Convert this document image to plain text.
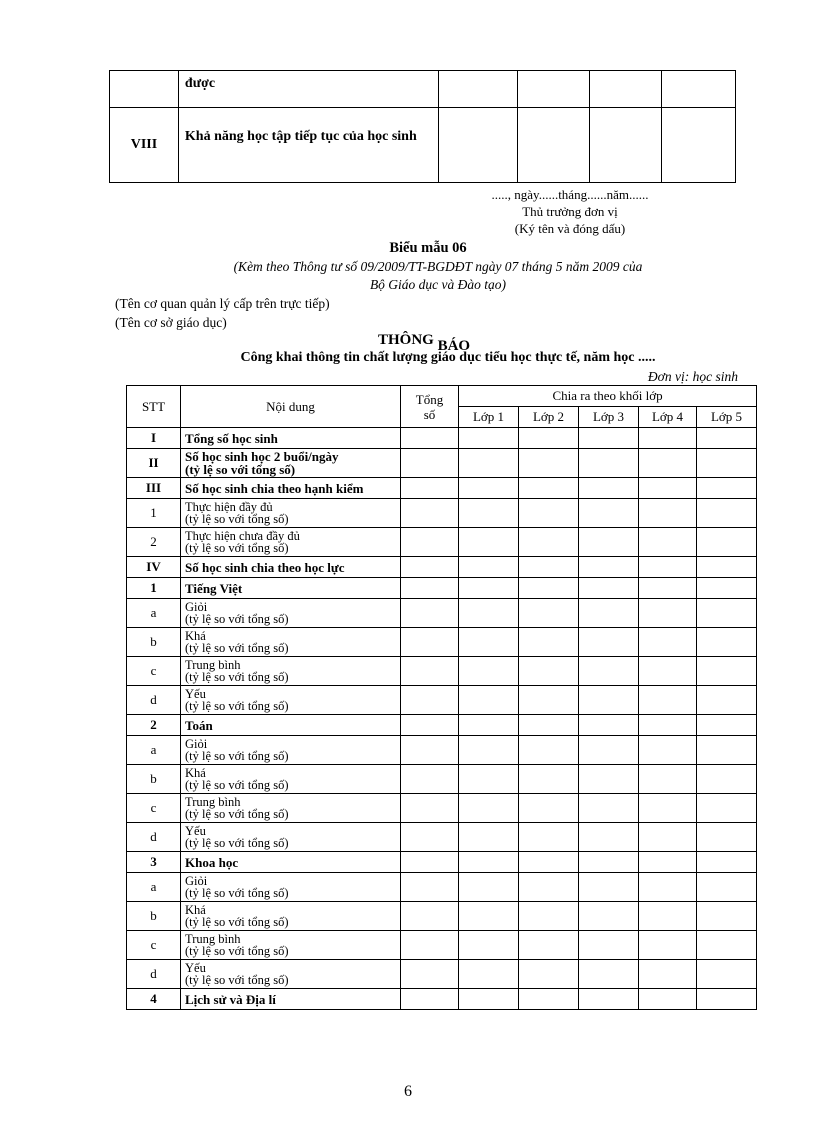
	được				
VIII	Khả năng học tập tiếp tục của học sinh				
....., ngày......tháng......năm......
Thủ trưởng đơn vị
(Ký tên và đóng dấu)
Biểu mẫu 06
(Kèm theo Thông tư số 09/2009/TT-BGDĐT ngày 07 tháng 5 năm 2009 của
Bộ Giáo dục và Đào tạo)
(Tên cơ quan quản lý cấp trên trực tiếp)
(Tên cơ sở giáo dục)
THÔNG BÁO
Công khai thông tin chất lượng giáo dục tiểu học thực tế, năm học .....
Đơn vị: học sinh
STT	Nội dung	Tổng số	Chia ra theo khối lớp				
			Lớp 1	Lớp 2	Lớp 3	Lớp 4	Lớp 5
I	Tổng số học sinh						

II	Số học sinh học 2 buổi/ngày
(tỷ lệ so với tổng số)						

III	Số học sinh chia theo hạnh kiểm						

1	Thực hiện đầy đủ
(tỷ lệ so với tổng số)						

2	Thực hiện chưa đầy đủ
(tỷ lệ so với tổng số)						

IV	Số học sinh chia theo học lực						

1	Tiếng Việt						

a	Giỏi
(tỷ lệ so với tổng số)						

b	Khá
(tỷ lệ so với tổng số)						

c	Trung bình
(tỷ lệ so với tổng số)						

d	Yếu
(tỷ lệ so với tổng số)						

2	Toán						

a	Giỏi
(tỷ lệ so với tổng số)						

b	Khá
(tỷ lệ so với tổng số)						

c	Trung bình
(tỷ lệ so với tổng số)						

d	Yếu
(tỷ lệ so với tổng số)						

3	Khoa học						

a	Giỏi
(tỷ lệ so với tổng số)						

b	Khá
(tỷ lệ so với tổng số)						

c	Trung bình
(tỷ lệ so với tổng số)						

d	Yếu
(tỷ lệ so với tổng số)						

4	Lịch sử và Địa lí						

6
